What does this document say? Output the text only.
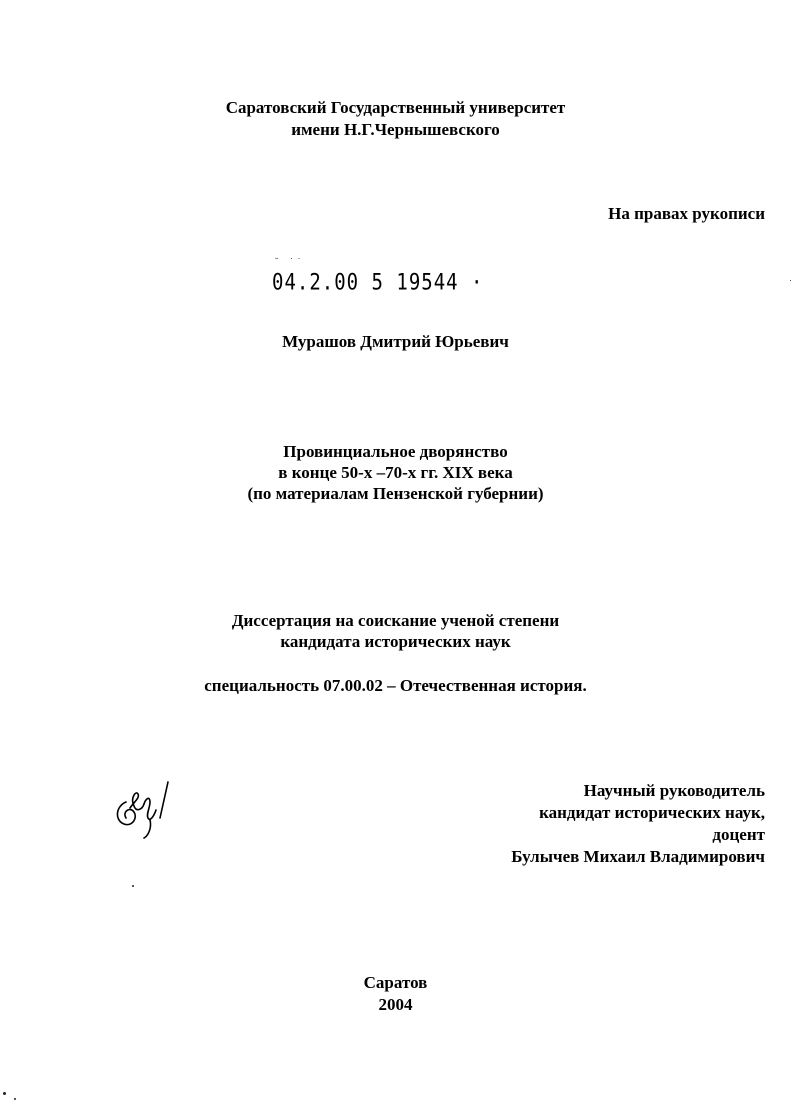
Саратовский Государственный университет
имени Н.Г.Чернышевского
На правах рукописи
˘ ˙˙
04.2.00 5 19544 ·
Мурашов Дмитрий Юрьевич
Провинциальное дворянство
в конце 50-х –70-х гг. XIX века
(по материалам Пензенской губернии)
Диссертация на соискание ученой степени
кандидата исторических наук
специальность 07.00.02 – Отечественная история.
Научный руководитель
кандидат исторических наук,
доцент
Булычев Михаил Владимирович
Саратов
2004
